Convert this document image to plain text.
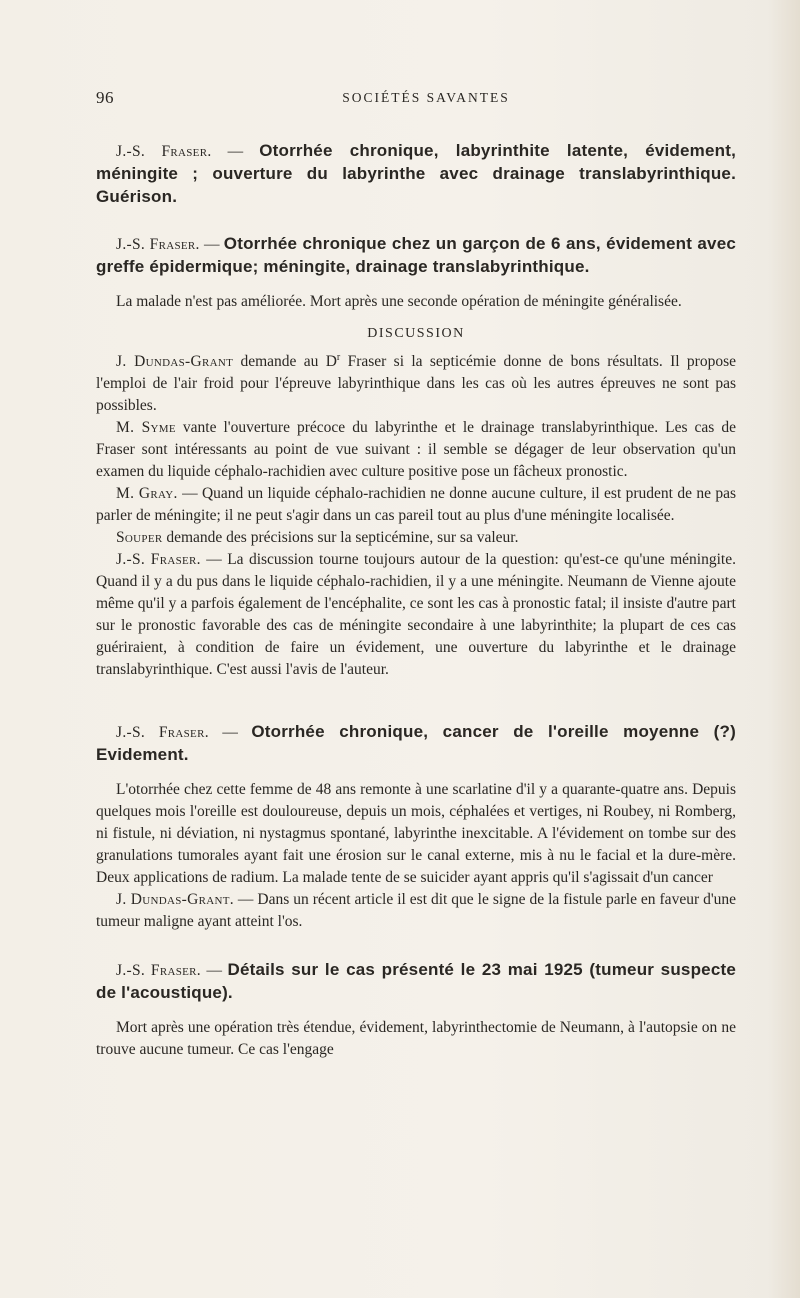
96	SOCIÉTÉS SAVANTES

J.-S. Fraser. — Otorrhée chronique, labyrinthite latente, évidement, méningite ; ouverture du labyrinthe avec drainage translabyrinthique. Guérison.

J.-S. Fraser. — Otorrhée chronique chez un garçon de 6 ans, évidement avec greffe épidermique; méningite, drainage translabyrinthique.

La malade n'est pas améliorée. Mort après une seconde opération de méningite généralisée.

DISCUSSION

J. Dundas-Grant demande au $D^r$ Fraser si la septicémie donne de bons résultats. Il propose l'emploi de l'air froid pour l'épreuve labyrinthique dans les cas où les autres épreuves ne sont pas possibles.

M. Syme vante l'ouverture précoce du labyrinthe et le drainage translabyrinthique. Les cas de Fraser sont intéressants au point de vue suivant : il semble se dégager de leur observation qu'un examen du liquide céphalo-rachidien avec culture positive pose un fâcheux pronostic.

M. Gray. — Quand un liquide céphalo-rachidien ne donne aucune culture, il est prudent de ne pas parler de méningite; il ne peut s'agir dans un cas pareil tout au plus d'une méningite localisée.

Souper demande des précisions sur la septicémine, sur sa valeur.

J.-S. Fraser. — La discussion tourne toujours autour de la question: qu'est-ce qu'une méningite. Quand il y a du pus dans le liquide céphalo-rachidien, il y a une méningite. Neumann de Vienne ajoute même qu'il y a parfois également de l'encéphalite, ce sont les cas à pronostic fatal; il insiste d'autre part sur le pronostic favorable des cas de méningite secondaire à une labyrinthite; la plupart de ces cas guériraient, à condition de faire un évidement, une ouverture du labyrinthe et le drainage translabyrinthique. C'est aussi l'avis de l'auteur.

J.-S. Fraser. — Otorrhée chronique, cancer de l'oreille moyenne (?) Evidement.

L'otorrhée chez cette femme de 48 ans remonte à une scarlatine d'il y a quarante-quatre ans. Depuis quelques mois l'oreille est douloureuse, depuis un mois, céphalées et vertiges, ni Roubey, ni Romberg, ni fistule, ni déviation, ni nystagmus spontané, labyrinthe inexcitable. A l'évidement on tombe sur des granulations tumorales ayant fait une érosion sur le canal externe, mis à nu le facial et la dure-mère. Deux applications de radium. La malade tente de se suicider ayant appris qu'il s'agissait d'un cancer

J. Dundas-Grant. — Dans un récent article il est dit que le signe de la fistule parle en faveur d'une tumeur maligne ayant atteint l'os.

J.-S. Fraser. — Détails sur le cas présenté le 23 mai 1925 (tumeur suspecte de l'acoustique).

Mort après une opération très étendue, évidement, labyrinthectomie de Neumann, à l'autopsie on ne trouve aucune tumeur. Ce cas l'engage
